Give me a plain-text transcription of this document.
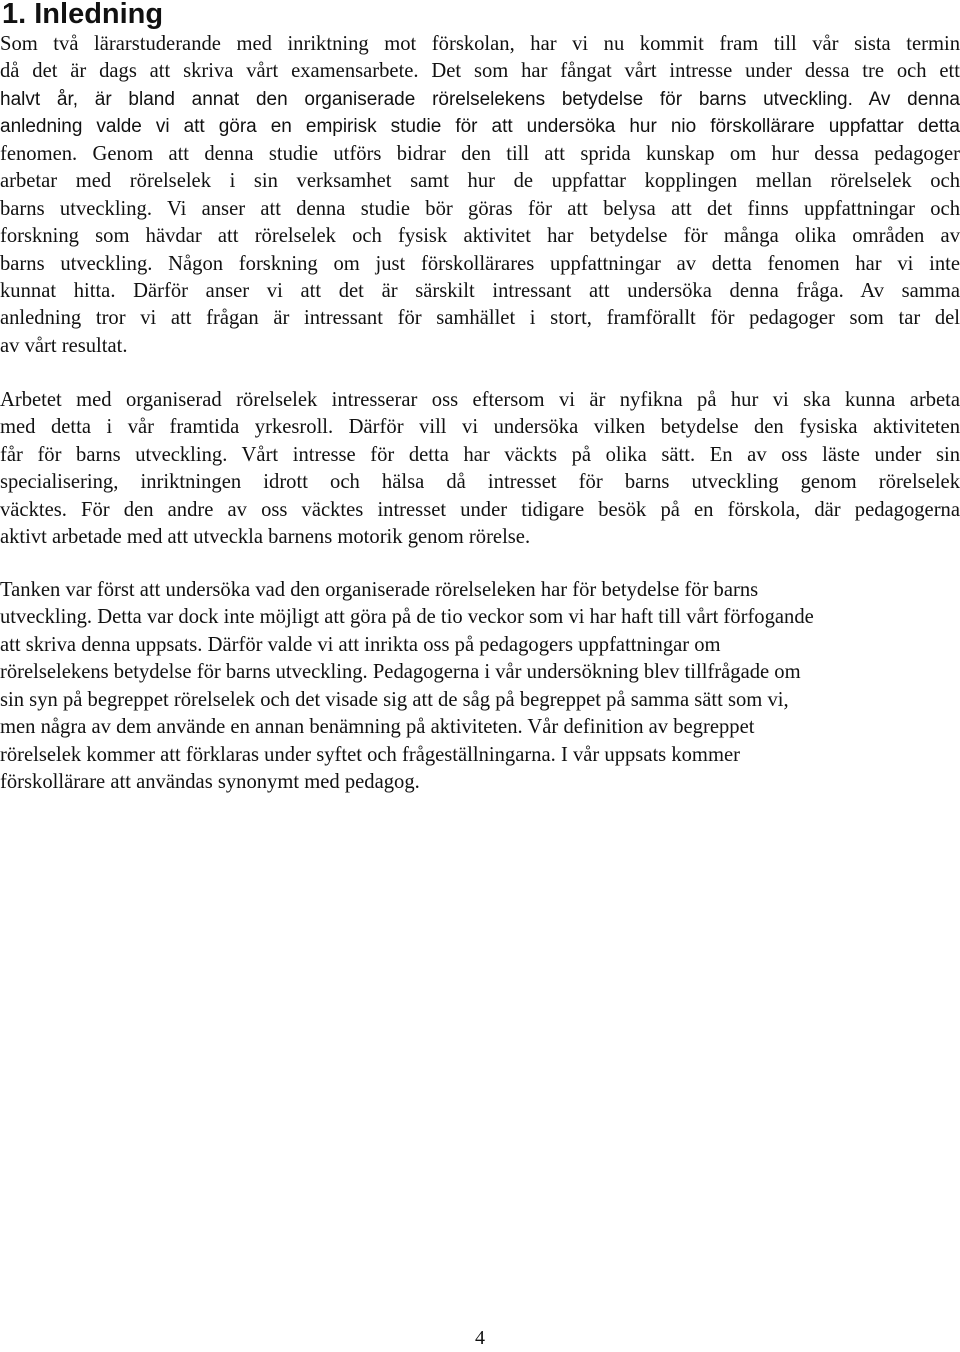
1. Inledning
Som två lärarstuderande med inriktning mot förskolan, har vi nu kommit fram till vår sista termin
då det är dags att skriva vårt examensarbete. Det som har fångat vårt intresse under dessa tre och ett
halvt år, är bland annat den organiserade rörelselekens betydelse för barns utveckling. Av denna
anledning valde vi att göra en empirisk studie för att undersöka hur nio förskollärare uppfattar detta
fenomen. Genom att denna studie utförs bidrar den till att sprida kunskap om hur dessa pedagoger
arbetar med rörelselek i sin verksamhet samt hur de uppfattar kopplingen mellan rörelselek och
barns utveckling. Vi anser att denna studie bör göras för att belysa att det finns uppfattningar och
forskning som hävdar att rörelselek och fysisk aktivitet har betydelse för många olika områden av
barns utveckling. Någon forskning om just förskollärares uppfattningar av detta fenomen har vi inte
kunnat hitta. Därför anser vi att det är särskilt intressant att undersöka denna fråga. Av samma
anledning tror vi att frågan är intressant för samhället i stort, framförallt för pedagoger som tar del
av vårt resultat.
Arbetet med organiserad rörelselek intresserar oss eftersom vi är nyfikna på hur vi ska kunna arbeta
med detta i vår framtida yrkesroll. Därför vill vi undersöka vilken betydelse den fysiska aktiviteten
får för barns utveckling. Vårt intresse för detta har väckts på olika sätt. En av oss läste under sin
specialisering, inriktningen idrott och hälsa då intresset för barns utveckling genom rörelselek
väcktes. För den andre av oss väcktes intresset under tidigare besök på en förskola, där pedagogerna
aktivt arbetade med att utveckla barnens motorik genom rörelse.
Tanken var först att undersöka vad den organiserade rörelseleken har för betydelse för barns
utveckling. Detta var dock inte möjligt att göra på de tio veckor som vi har haft till vårt förfogande
att skriva denna uppsats. Därför valde vi att inrikta oss på pedagogers uppfattningar om
rörelselekens betydelse för barns utveckling. Pedagogerna i vår undersökning blev tillfrågade om
sin syn på begreppet rörelselek och det visade sig att de såg på begreppet på samma sätt som vi,
men några av dem använde en annan benämning på aktiviteten. Vår definition av begreppet
rörelselek kommer att förklaras under syftet och frågeställningarna. I vår uppsats kommer
förskollärare att användas synonymt med pedagog.
4
